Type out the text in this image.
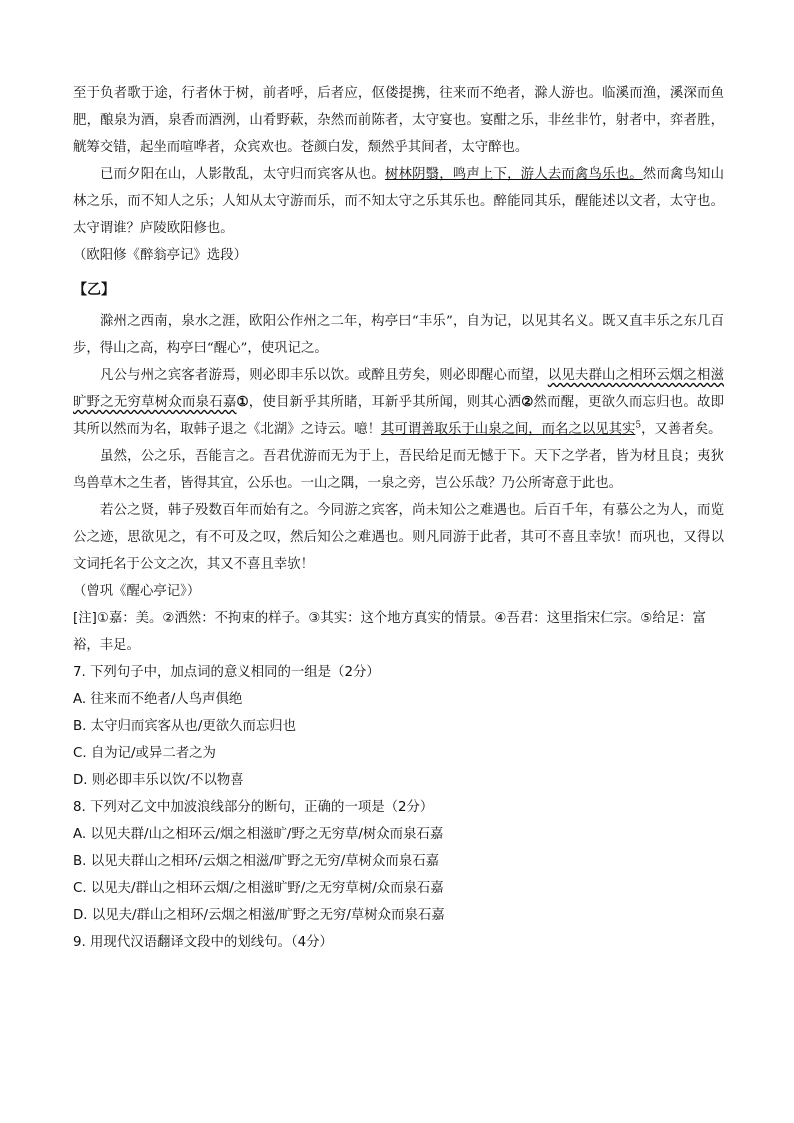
至于负者歌于途，行者休于树，前者呼，后者应，伛偻提携，往来而不绝者，滁人游也。临溪而渔，溪深而鱼肥，酿泉为酒，泉香而酒洌，山肴野蔌，杂然而前陈者，太守宴也。宴酣之乐，非丝非竹，射者中，弈者胜，觥筹交错，起坐而喧哗者，众宾欢也。苍颜白发，颓然乎其间者，太守醉也。

已而夕阳在山，人影散乱，太守归而宾客从也。树林阴翳，鸣声上下，游人去而禽鸟乐也。然而禽鸟知山林之乐，而不知人之乐；人知从太守游而乐，而不知太守之乐其乐也。醉能同其乐，醒能述以文者，太守也。太守谓谁？庐陵欧阳修也。

（欧阳修《醉翁亭记》选段）

【乙】

滁州之西南，泉水之涯，欧阳公作州之二年，构亭曰“丰乐”，自为记，以见其名义。既又直丰乐之东几百步，得山之高，构亭曰“醒心”，使巩记之。

凡公与州之宾客者游焉，则必即丰乐以饮。或醉且劳矣，则必即醒心而望，以见夫群山之相环云烟之相滋旷野之无穷草树众而泉石嘉①，使目新乎其所睹，耳新乎其所闻，则其心洒②然而醒，更欲久而忘归也。故即其所以然而为名，取韩子退之《北湖》之诗云。噫！其可谓善取乐于山泉之间，而名之以见其实$^5$，又善者矣。

虽然，公之乐，吾能言之。吾君优游而无为于上，吾民给足而无憾于下。天下之学者，皆为材且良；夷狄鸟兽草木之生者，皆得其宜，公乐也。一山之隅，一泉之旁，岂公乐哉？乃公所寄意于此也。

若公之贤，韩子殁数百年而始有之。今同游之宾客，尚未知公之难遇也。后百千年，有慕公之为人，而览公之迹，思欲见之，有不可及之叹，然后知公之难遇也。则凡同游于此者，其可不喜且幸欤！而巩也，又得以文词托名于公文之次，其又不喜且幸欤！

（曾巩《醒心亭记》）

[注]①嘉：美。②洒然：不拘束的样子。③其实：这个地方真实的情景。④吾君：这里指宋仁宗。⑤给足：富裕，丰足。

7. 下列句子中，加点词的意义相同的一组是（2分）

A. 往来而不绝者/人鸟声俱绝

B. 太守归而宾客从也/更欲久而忘归也

C. 自为记/或异二者之为

D. 则必即丰乐以饮/不以物喜

8. 下列对乙文中加波浪线部分的断句，正确的一项是（2分）

A. 以见夫群/山之相环云/烟之相滋旷/野之无穷草/树众而泉石嘉

B. 以见夫群山之相环/云烟之相滋/旷野之无穷/草树众而泉石嘉

C. 以见夫/群山之相环云烟/之相滋旷野/之无穷草树/众而泉石嘉

D. 以见夫/群山之相环/云烟之相滋/旷野之无穷/草树众而泉石嘉

9. 用现代汉语翻译文段中的划线句。（4分）
